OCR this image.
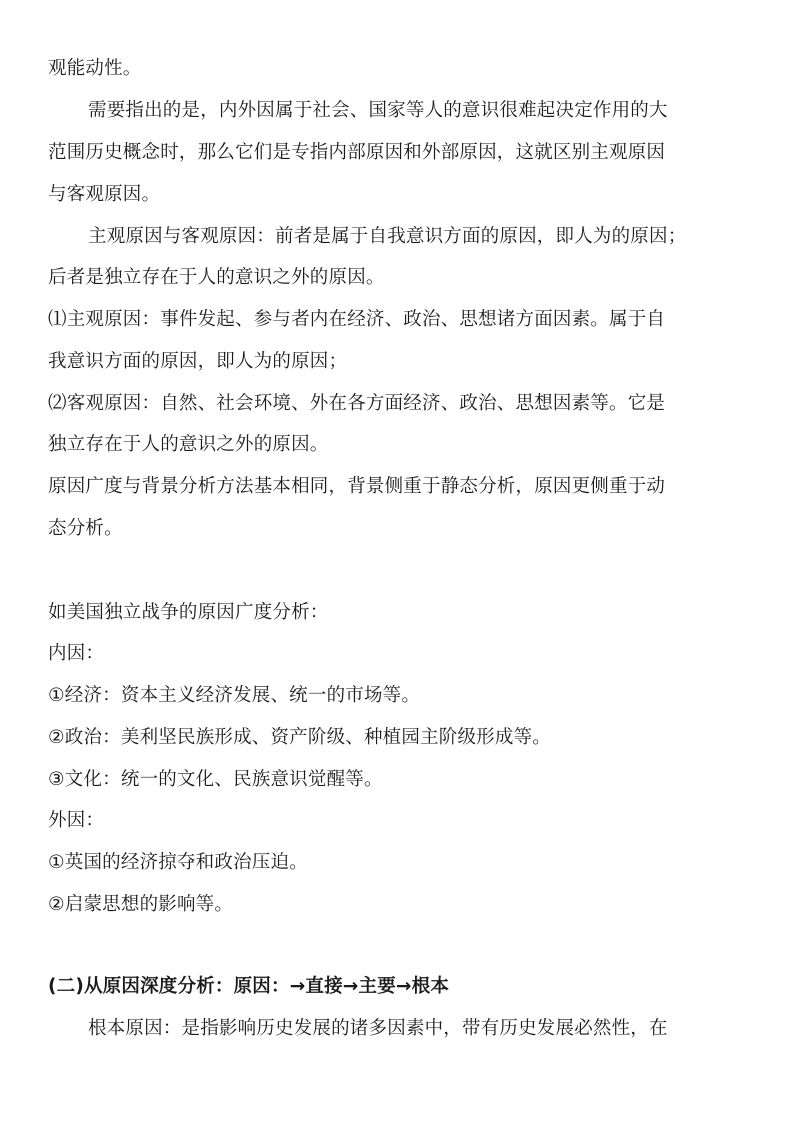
观能动性。
需要指出的是，内外因属于社会、国家等人的意识很难起决定作用的大
范围历史概念时，那么它们是专指内部原因和外部原因，这就区别主观原因
与客观原因。
主观原因与客观原因：前者是属于自我意识方面的原因，即人为的原因；
后者是独立存在于人的意识之外的原因。
⑴主观原因：事件发起、参与者内在经济、政治、思想诸方面因素。属于自
我意识方面的原因，即人为的原因；
⑵客观原因：自然、社会环境、外在各方面经济、政治、思想因素等。它是
独立存在于人的意识之外的原因。
原因广度与背景分析方法基本相同，背景侧重于静态分析，原因更侧重于动
态分析。
如美国独立战争的原因广度分析：
内因：
①经济：资本主义经济发展、统一的市场等。
②政治：美利坚民族形成、资产阶级、种植园主阶级形成等。
③文化：统一的文化、民族意识觉醒等。
外因：
①英国的经济掠夺和政治压迫。
②启蒙思想的影响等。
(二)从原因深度分析：原因：→直接→主要→根本
根本原因：是指影响历史发展的诸多因素中，带有历史发展必然性，在
